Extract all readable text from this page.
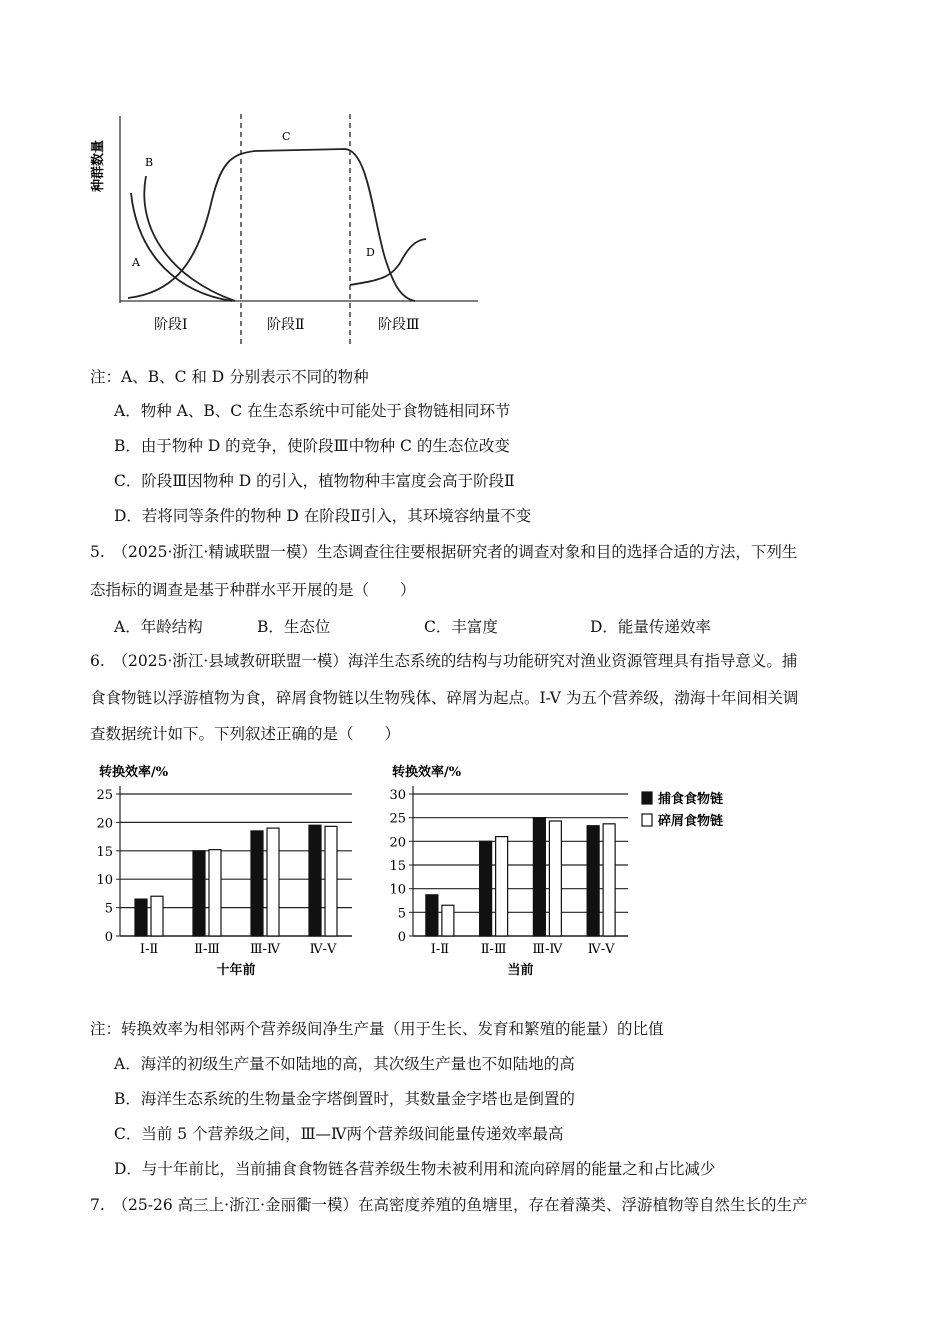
种群数量
A
B
C
D
阶段Ⅰ	阶段Ⅱ	阶段Ⅲ
注：A、B、C 和 D 分别表示不同的物种
A．物种 A、B、C 在生态系统中可能处于食物链相同环节
B．由于物种 D 的竞争，使阶段Ⅲ中物种 C 的生态位改变
C．阶段Ⅲ因物种 D 的引入，植物物种丰富度会高于阶段Ⅱ
D．若将同等条件的物种 D 在阶段Ⅱ引入，其环境容纳量不变
5.　（2025·浙江·精诚联盟一模）生态调查往往要根据研究者的调查对象和目的选择合适的方法，下列生
态指标的调查是基于种群水平开展的是（　　）
A．年龄结构	B．生态位	C．丰富度	D．能量传递效率
6.　（2025·浙江·县域教研联盟一模）海洋生态系统的结构与功能研究对渔业资源管理具有指导意义。捕
食食物链以浮游植物为食，碎屑食物链以生物残体、碎屑为起点。I-V 为五个营养级，渤海十年间相关调
查数据统计如下。下列叙述正确的是（　　）
转换效率/%
0
5
10
15
20
25
Ⅰ-Ⅱ	Ⅱ-Ⅲ Ⅲ-Ⅳ Ⅳ-Ⅴ
十年前
转换效率/%
0
5
10
15
20
25
30
Ⅰ-Ⅱ Ⅱ-Ⅲ Ⅲ-Ⅳ Ⅳ-Ⅴ
当前
捕食食物链
碎屑食物链
注：转换效率为相邻两个营养级间净生产量（用于生长、发育和繁殖的能量）的比值
A．海洋的初级生产量不如陆地的高，其次级生产量也不如陆地的高
B．海洋生态系统的生物量金字塔倒置时，其数量金字塔也是倒置的
C．当前 5 个营养级之间，Ⅲ—Ⅳ两个营养级间能量传递效率最高
D．与十年前比，当前捕食食物链各营养级生物未被利用和流向碎屑的能量之和占比减少
7.　（25-26 高三上·浙江·金丽衢一模）在高密度养殖的鱼塘里，存在着藻类、浮游植物等自然生长的生产
